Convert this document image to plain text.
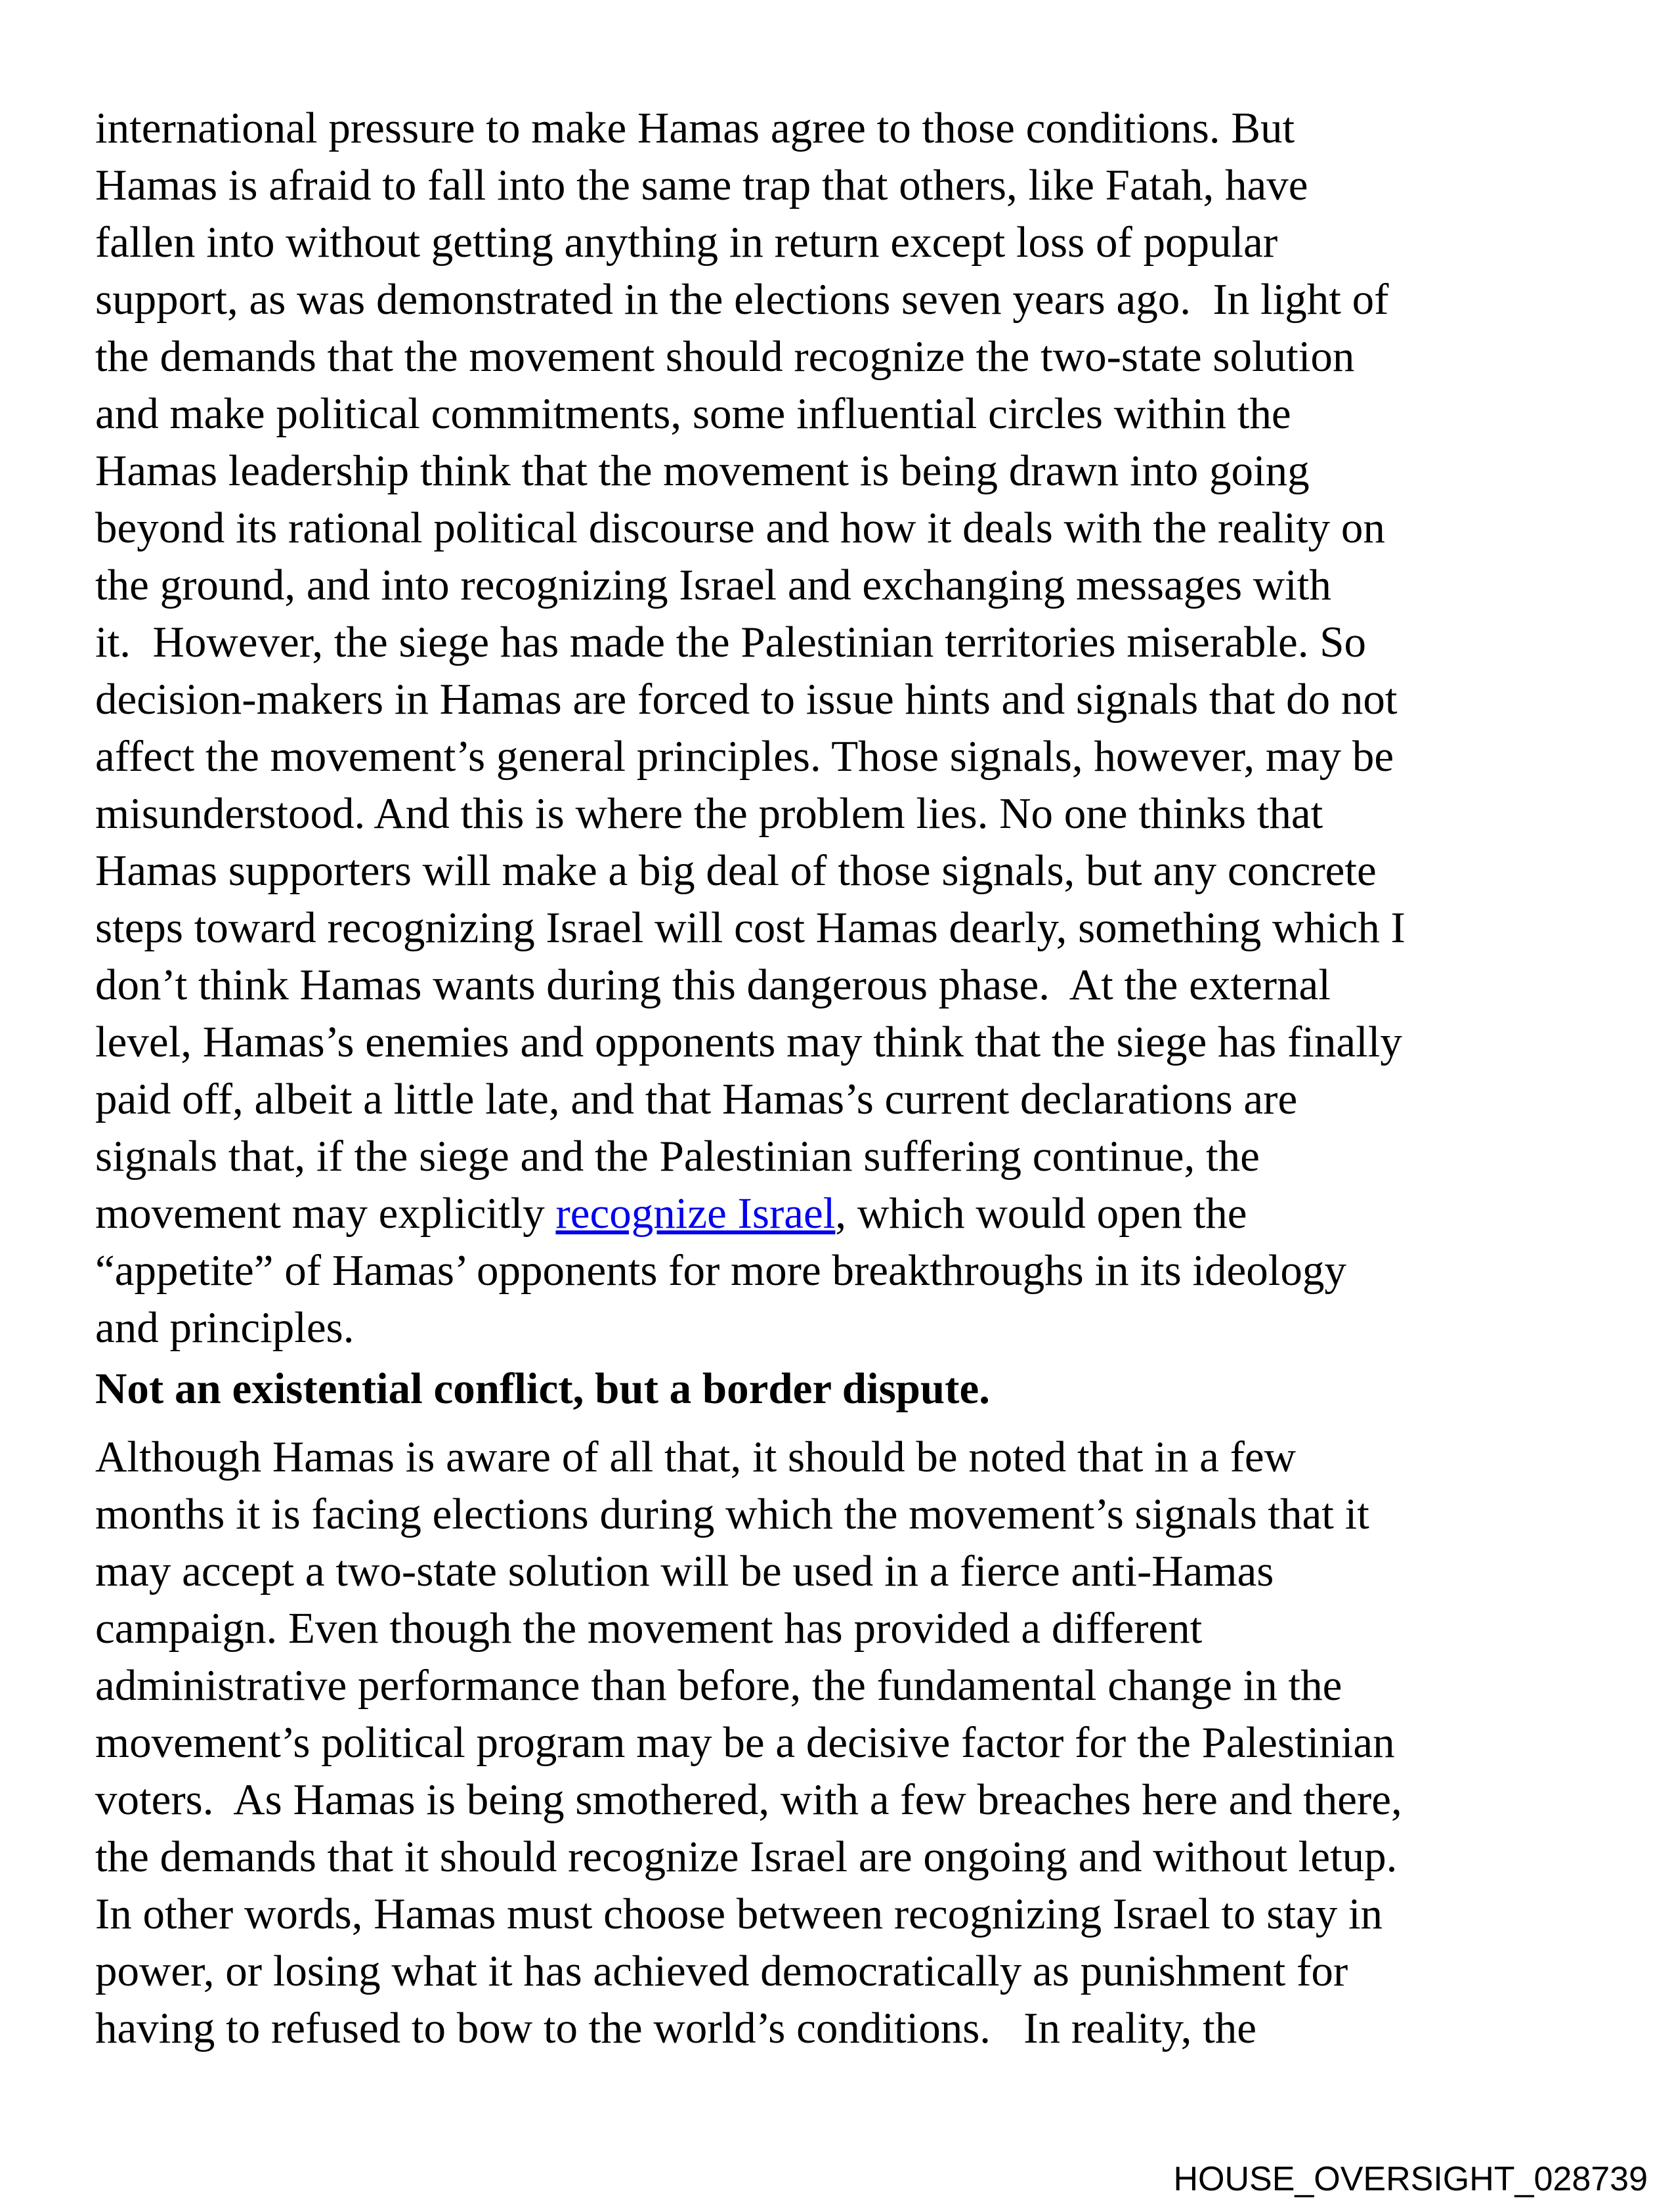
international pressure to make Hamas agree to those conditions. But
Hamas is afraid to fall into the same trap that others, like Fatah, have
fallen into without getting anything in return except loss of popular
support, as was demonstrated in the elections seven years ago.  In light of
the demands that the movement should recognize the two-state solution
and make political commitments, some influential circles within the
Hamas leadership think that the movement is being drawn into going
beyond its rational political discourse and how it deals with the reality on
the ground, and into recognizing Israel and exchanging messages with
it.  However, the siege has made the Palestinian territories miserable. So
decision-makers in Hamas are forced to issue hints and signals that do not
affect the movement’s general principles. Those signals, however, may be
misunderstood. And this is where the problem lies. No one thinks that
Hamas supporters will make a big deal of those signals, but any concrete
steps toward recognizing Israel will cost Hamas dearly, something which I
don’t think Hamas wants during this dangerous phase.  At the external
level, Hamas’s enemies and opponents may think that the siege has finally
paid off, albeit a little late, and that Hamas’s current declarations are
signals that, if the siege and the Palestinian suffering continue, the
movement may explicitly recognize Israel, which would open the
“appetite” of Hamas’ opponents for more breakthroughs in its ideology
and principles.

Not an existential conflict, but a border dispute.

Although Hamas is aware of all that, it should be noted that in a few
months it is facing elections during which the movement’s signals that it
may accept a two-state solution will be used in a fierce anti-Hamas
campaign. Even though the movement has provided a different
administrative performance than before, the fundamental change in the
movement’s political program may be a decisive factor for the Palestinian
voters.  As Hamas is being smothered, with a few breaches here and there,
the demands that it should recognize Israel are ongoing and without letup.
In other words, Hamas must choose between recognizing Israel to stay in
power, or losing what it has achieved democratically as punishment for
having to refused to bow to the world’s conditions.   In reality, the

HOUSE_OVERSIGHT_028739
